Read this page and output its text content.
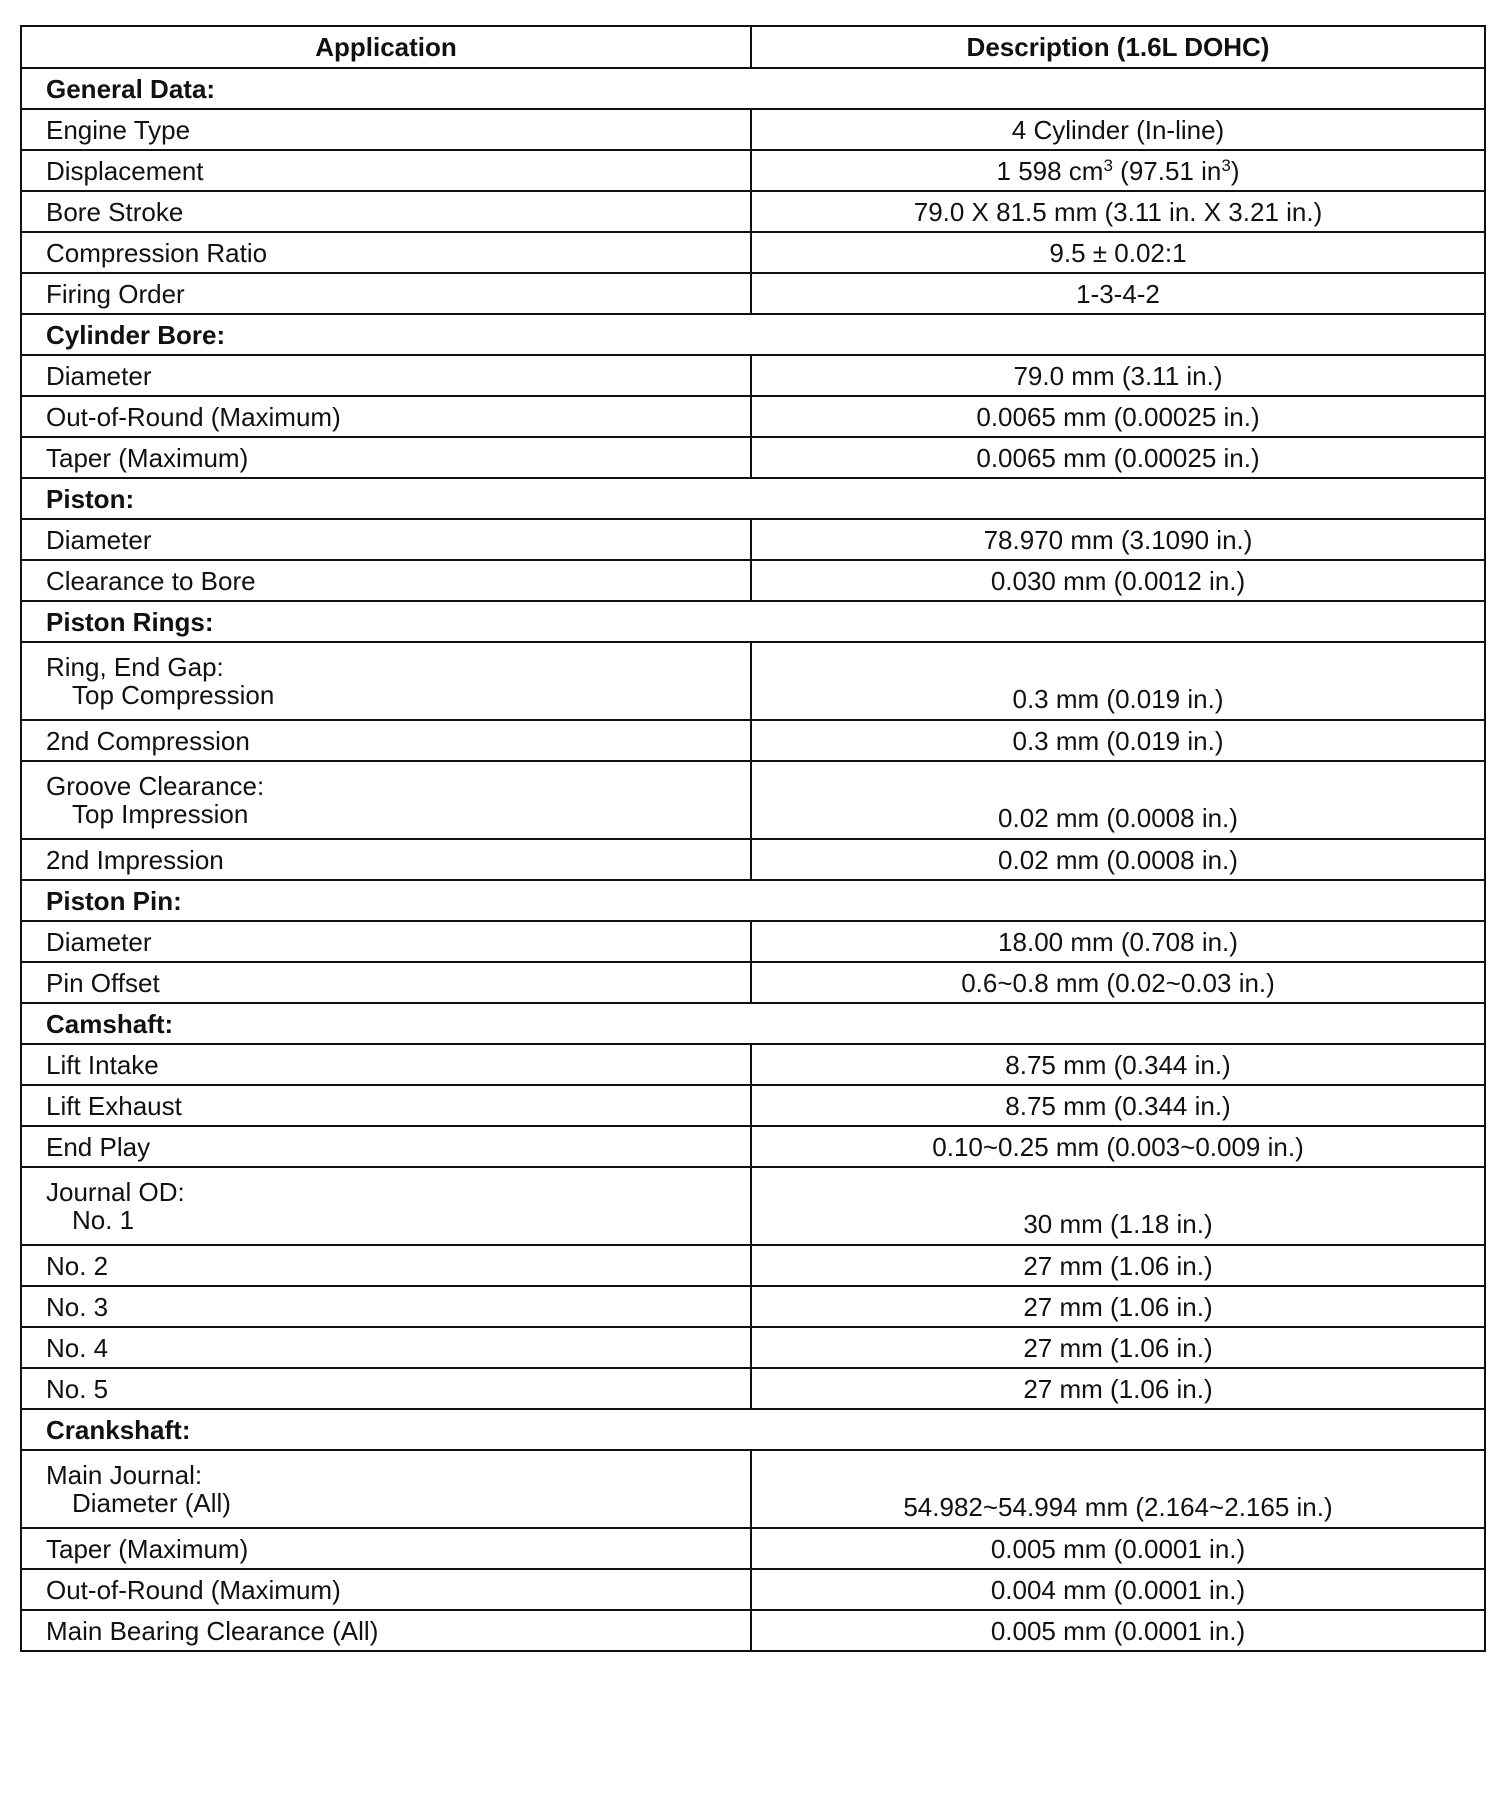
Application	Description (1.6L DOHC)
General Data:	
Engine Type	4 Cylinder (In-line)
Displacement	1 598 $cm^3$ (97.51 $in^3$)
Bore Stroke	79.0 X 81.5 mm (3.11 in. X 3.21 in.)
Compression Ratio	9.5 ± 0.02:1
Firing Order	1-3-4-2
Cylinder Bore:	
Diameter	79.0 mm (3.11 in.)
Out-of-Round (Maximum)	0.0065 mm (0.00025 in.)
Taper (Maximum)	0.0065 mm (0.00025 in.)
Piston:	
Diameter	78.970 mm (3.1090 in.)
Clearance to Bore	0.030 mm (0.0012 in.)
Piston Rings:	

Ring, End Gap:
Top Compression	0.3 mm (0.019 in.)
2nd Compression	0.3 mm (0.019 in.)

Groove Clearance:
Top Impression	0.02 mm (0.0008 in.)
2nd Impression	0.02 mm (0.0008 in.)
Piston Pin:	
Diameter	18.00 mm (0.708 in.)
Pin Offset	0.6~0.8 mm (0.02~0.03 in.)
Camshaft:	
Lift Intake	8.75 mm (0.344 in.)
Lift Exhaust	8.75 mm (0.344 in.)
End Play	0.10~0.25 mm (0.003~0.009 in.)

Journal OD:
No. 1	30 mm (1.18 in.)
No. 2	27 mm (1.06 in.)
No. 3	27 mm (1.06 in.)
No. 4	27 mm (1.06 in.)
No. 5	27 mm (1.06 in.)
Crankshaft:	

Main Journal:
Diameter (All)	54.982~54.994 mm (2.164~2.165 in.)
Taper (Maximum)	0.005 mm (0.0001 in.)
Out-of-Round (Maximum)	0.004 mm (0.0001 in.)
Main Bearing Clearance (All)	0.005 mm (0.0001 in.)
